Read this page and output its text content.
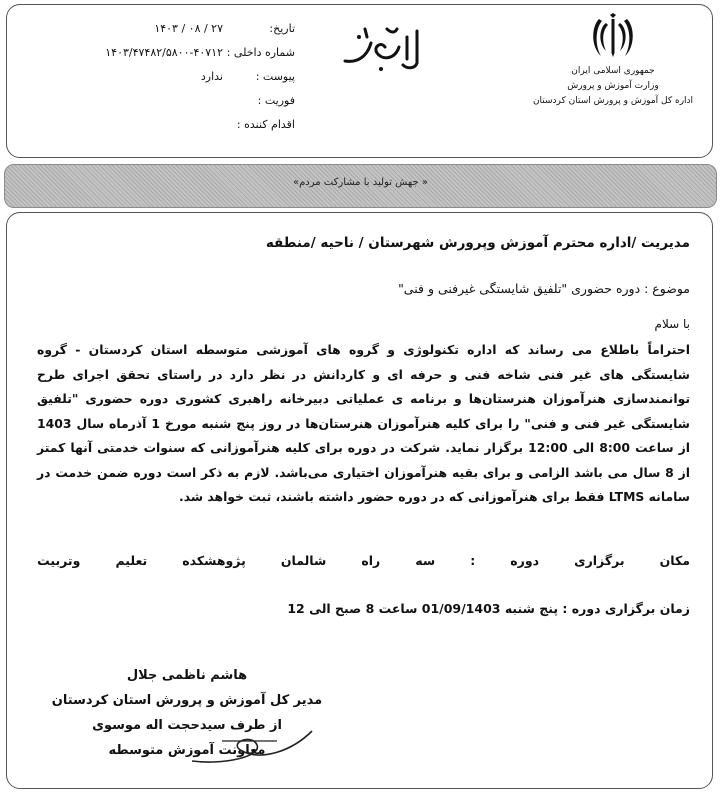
جمهوری اسلامی ایران
وزارت آموزش و پرورش
اداره کل آموزش و پرورش استان کردستان
تاریخ:
۱۴۰۳ / ۰۸ / ۲۷
شماره داخلی :
۱۴۰۳/۴۷۴۸۲/۵۸۰۰-۴۰۷۱۲
پیوست :
ندارد
فوریت :
اقدام کننده :
« جهش تولید با مشارکت مردم»
مدیریت /اداره محترم آموزش وپرورش شهرستان / ناحیه /منطقه
موضوع : دوره حضوری "تلفیق شایستگی غیرفنی و فنی"
با سلام
احتراماً باطلاع می رساند که اداره تکنولوژی و گروه های آموزشی متوسطه استان کردستان - گروه شایستگی های غیر فنی شاخه فنی و حرفه ای و کاردانش در نظر دارد در راستای تحقق اجرای طرح توانمندسازی هنرآموزان هنرستان‌ها و برنامه ی عملیاتی دبیرخانه راهبری کشوری دوره حضوری "تلفیق شایستگی غیر فنی و فنی" را برای کلیه هنرآموزان هنرستان‌ها در روز پنج شنبه مورخ 1 آذرماه سال 1403 از ساعت 8:00 الی 12:00 برگزار نماید. شرکت در دوره برای کلیه هنرآموزانی که سنوات خدمتی آنها کمتر از 8 سال می باشد الزامی و برای بقیه هنرآموزان اختیاری می‌باشد. لازم به ذکر است دوره ضمن خدمت در سامانه LTMS فقط برای هنرآموزانی که در دوره حضور داشته باشند، ثبت خواهد شد.
مکان
برگزاری
دوره
:
سه
راه
شالمان
پژوهشکده
تعلیم
وتربیت
زمان برگزاری دوره : پنج شنبه 01/09/1403 ساعت 8 صبح الی 12
هاشم ناظمی جلال
مدیر کل آموزش و پرورش استان کردستان
از طرف سیدحجت اله موسوی
معاونت آموزش متوسطه
